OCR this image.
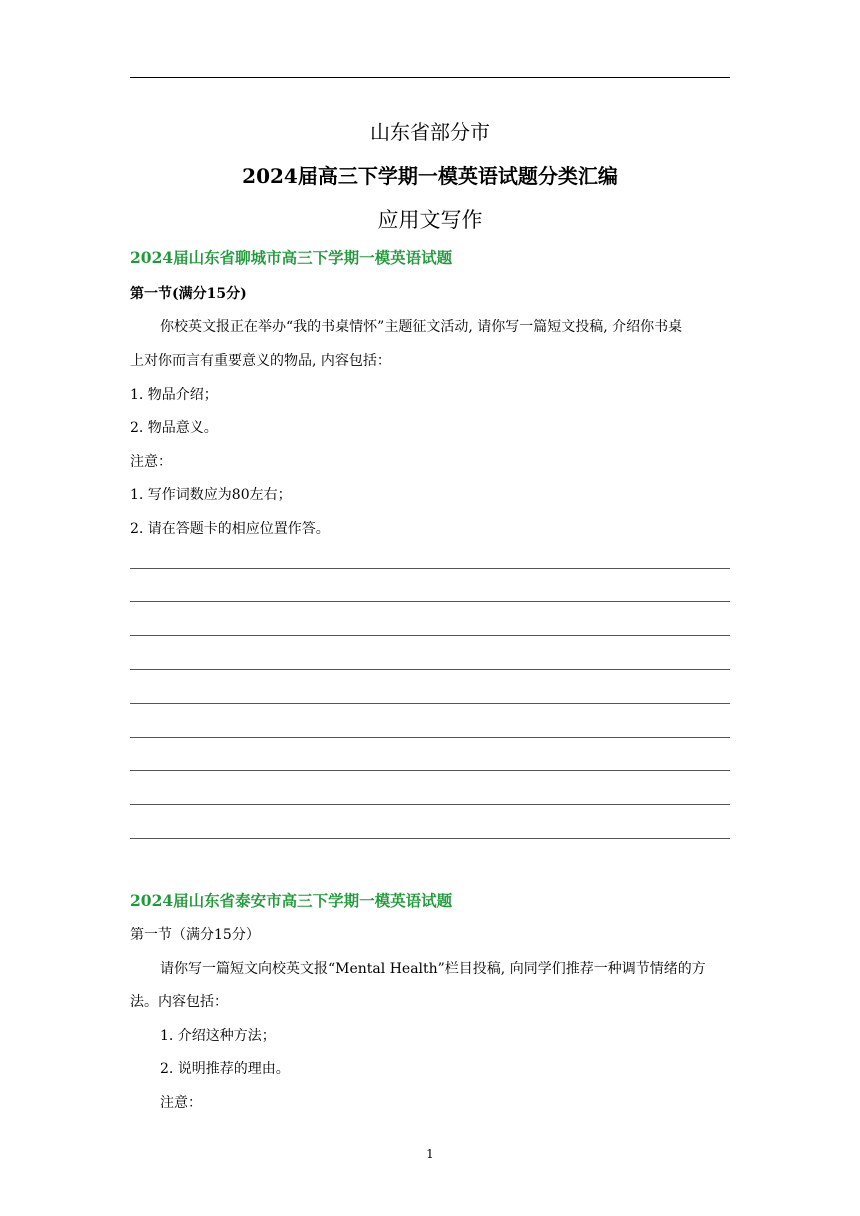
山东省部分市
2024届高三下学期一模英语试题分类汇编
应用文写作
2024届山东省聊城市高三下学期一模英语试题
第一节(满分15分)
你校英文报正在举办“我的书桌情怀”主题征文活动, 请你写一篇短文投稿, 介绍你书桌
上对你而言有重要意义的物品, 内容包括：
1. 物品介绍；
2. 物品意义。
注意：
1. 写作词数应为80左右；
2. 请在答题卡的相应位置作答。
2024届山东省泰安市高三下学期一模英语试题
第一节（满分15分）
请你写一篇短文向校英文报“Mental Health”栏目投稿, 向同学们推荐一种调节情绪的方
法。内容包括：
1. 介绍这种方法；
2. 说明推荐的理由。
注意：
1
